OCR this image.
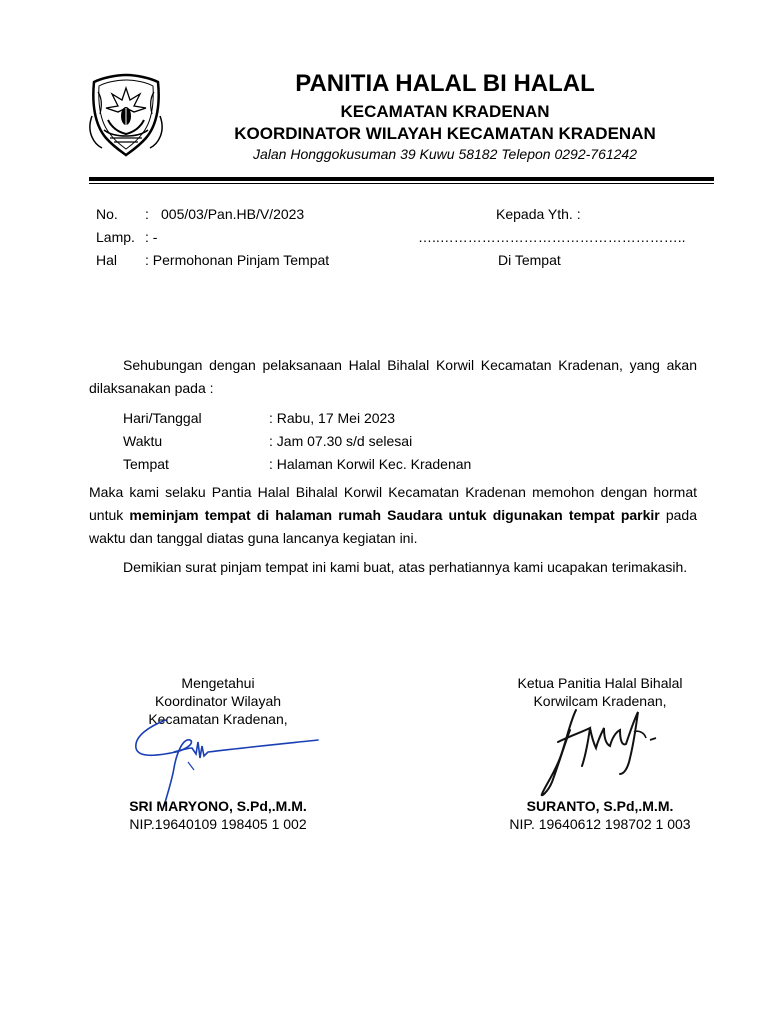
PANITIA HALAL BI HALAL
KECAMATAN KRADENAN
KOORDINATOR WILAYAH KECAMATAN KRADENAN
Jalan Honggokusuman 39 Kuwu 58182 Telepon 0292-761242
No. : 005/03/Pan.HB/V/2023
Lamp. : -
Hal : Permohonan Pinjam Tempat
Kepada Yth. :
…..……………………………………………..
Di Tempat
Sehubungan dengan pelaksanaan Halal Bihalal Korwil Kecamatan Kradenan, yang akan dilaksanakan pada :
Hari/Tanggal	: Rabu, 17 Mei 2023
Waktu	: Jam 07.30 s/d selesai
Tempat	: Halaman Korwil Kec. Kradenan
Maka kami selaku Pantia Halal Bihalal Korwil Kecamatan Kradenan memohon dengan hormat untuk meminjam tempat di halaman rumah Saudara untuk digunakan tempat parkir pada waktu dan tanggal diatas guna lancanya kegiatan ini.
Demikian surat pinjam tempat ini kami buat, atas perhatiannya kami ucapakan terimakasih.
Mengetahui
Koordinator Wilayah
Kecamatan Kradenan,
SRI MARYONO, S.Pd,.M.M.
NIP.19640109 198405 1 002
Ketua Panitia Halal Bihalal
Korwilcam Kradenan,
SURANTO, S.Pd,.M.M.
NIP. 19640612 198702 1 003
